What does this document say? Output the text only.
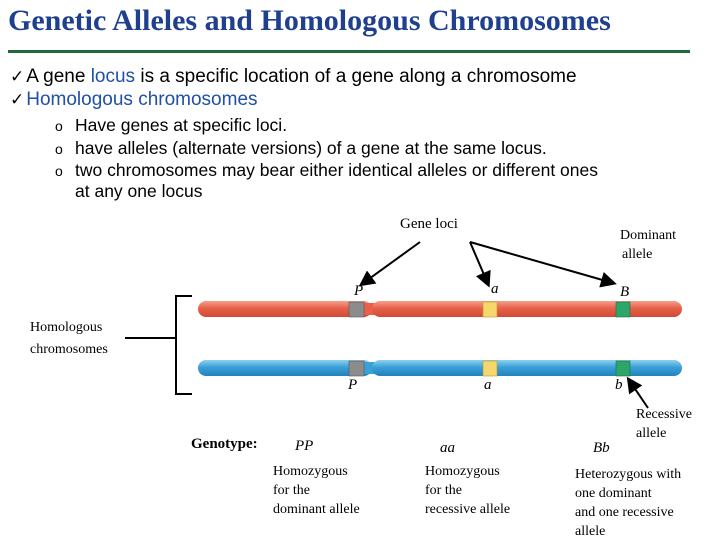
Genetic Alleles and Homologous Chromosomes
✓ A gene locus is a specific location of a gene along a chromosome
✓ Homologous chromosomes
o Have genes at specific loci.
o have alleles (alternate versions) of a gene at the same locus.
o two chromosomes may bear either identical alleles or different ones
at any one locus
Gene loci
Dominant
allele
Homologous
chromosomes
Recessive
allele
P	a	B
P	a	b
Genotype: PP	aa	Bb
Homozygous
for the
dominant allele
Homozygous
for the
recessive allele
Heterozygous with
one dominant
and one recessive
allele
